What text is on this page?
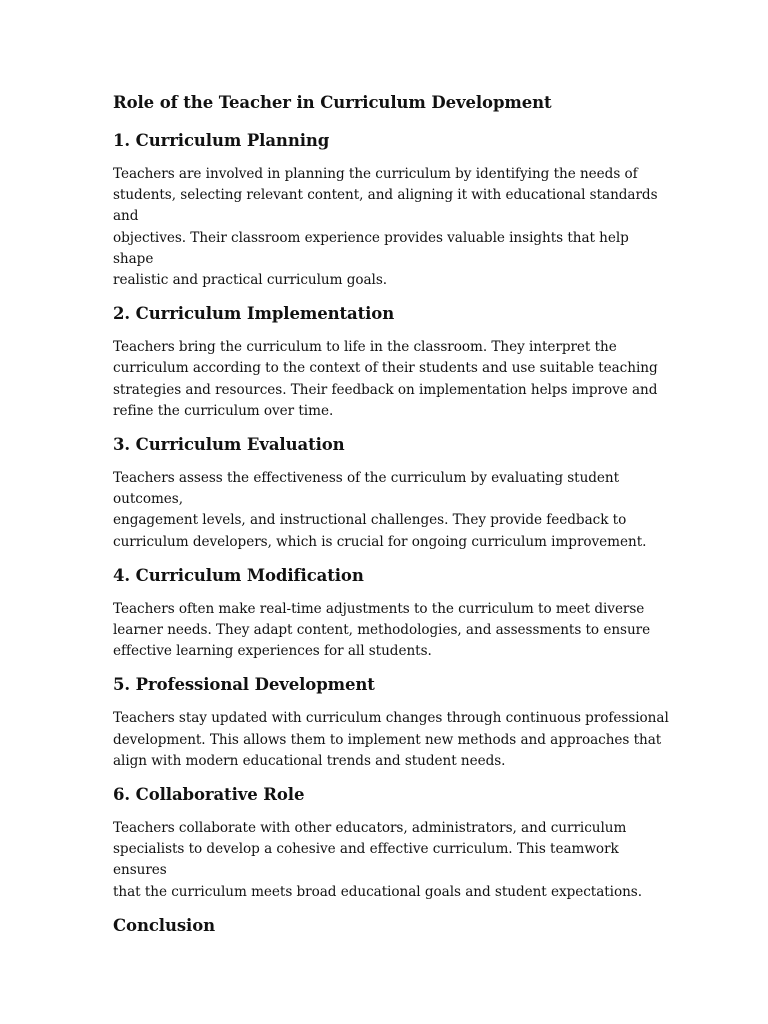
Role of the Teacher in Curriculum Development
1. Curriculum Planning

Teachers are involved in planning the curriculum by identifying the needs of
students, selecting relevant content, and aligning it with educational standards and
objectives. Their classroom experience provides valuable insights that help shape
realistic and practical curriculum goals.

2. Curriculum Implementation

Teachers bring the curriculum to life in the classroom. They interpret the
curriculum according to the context of their students and use suitable teaching
strategies and resources. Their feedback on implementation helps improve and
refine the curriculum over time.

3. Curriculum Evaluation

Teachers assess the effectiveness of the curriculum by evaluating student outcomes,
engagement levels, and instructional challenges. They provide feedback to
curriculum developers, which is crucial for ongoing curriculum improvement.

4. Curriculum Modification

Teachers often make real-time adjustments to the curriculum to meet diverse
learner needs. They adapt content, methodologies, and assessments to ensure
effective learning experiences for all students.

5. Professional Development

Teachers stay updated with curriculum changes through continuous professional
development. This allows them to implement new methods and approaches that
align with modern educational trends and student needs.

6. Collaborative Role

Teachers collaborate with other educators, administrators, and curriculum
specialists to develop a cohesive and effective curriculum. This teamwork ensures
that the curriculum meets broad educational goals and student expectations.

Conclusion
